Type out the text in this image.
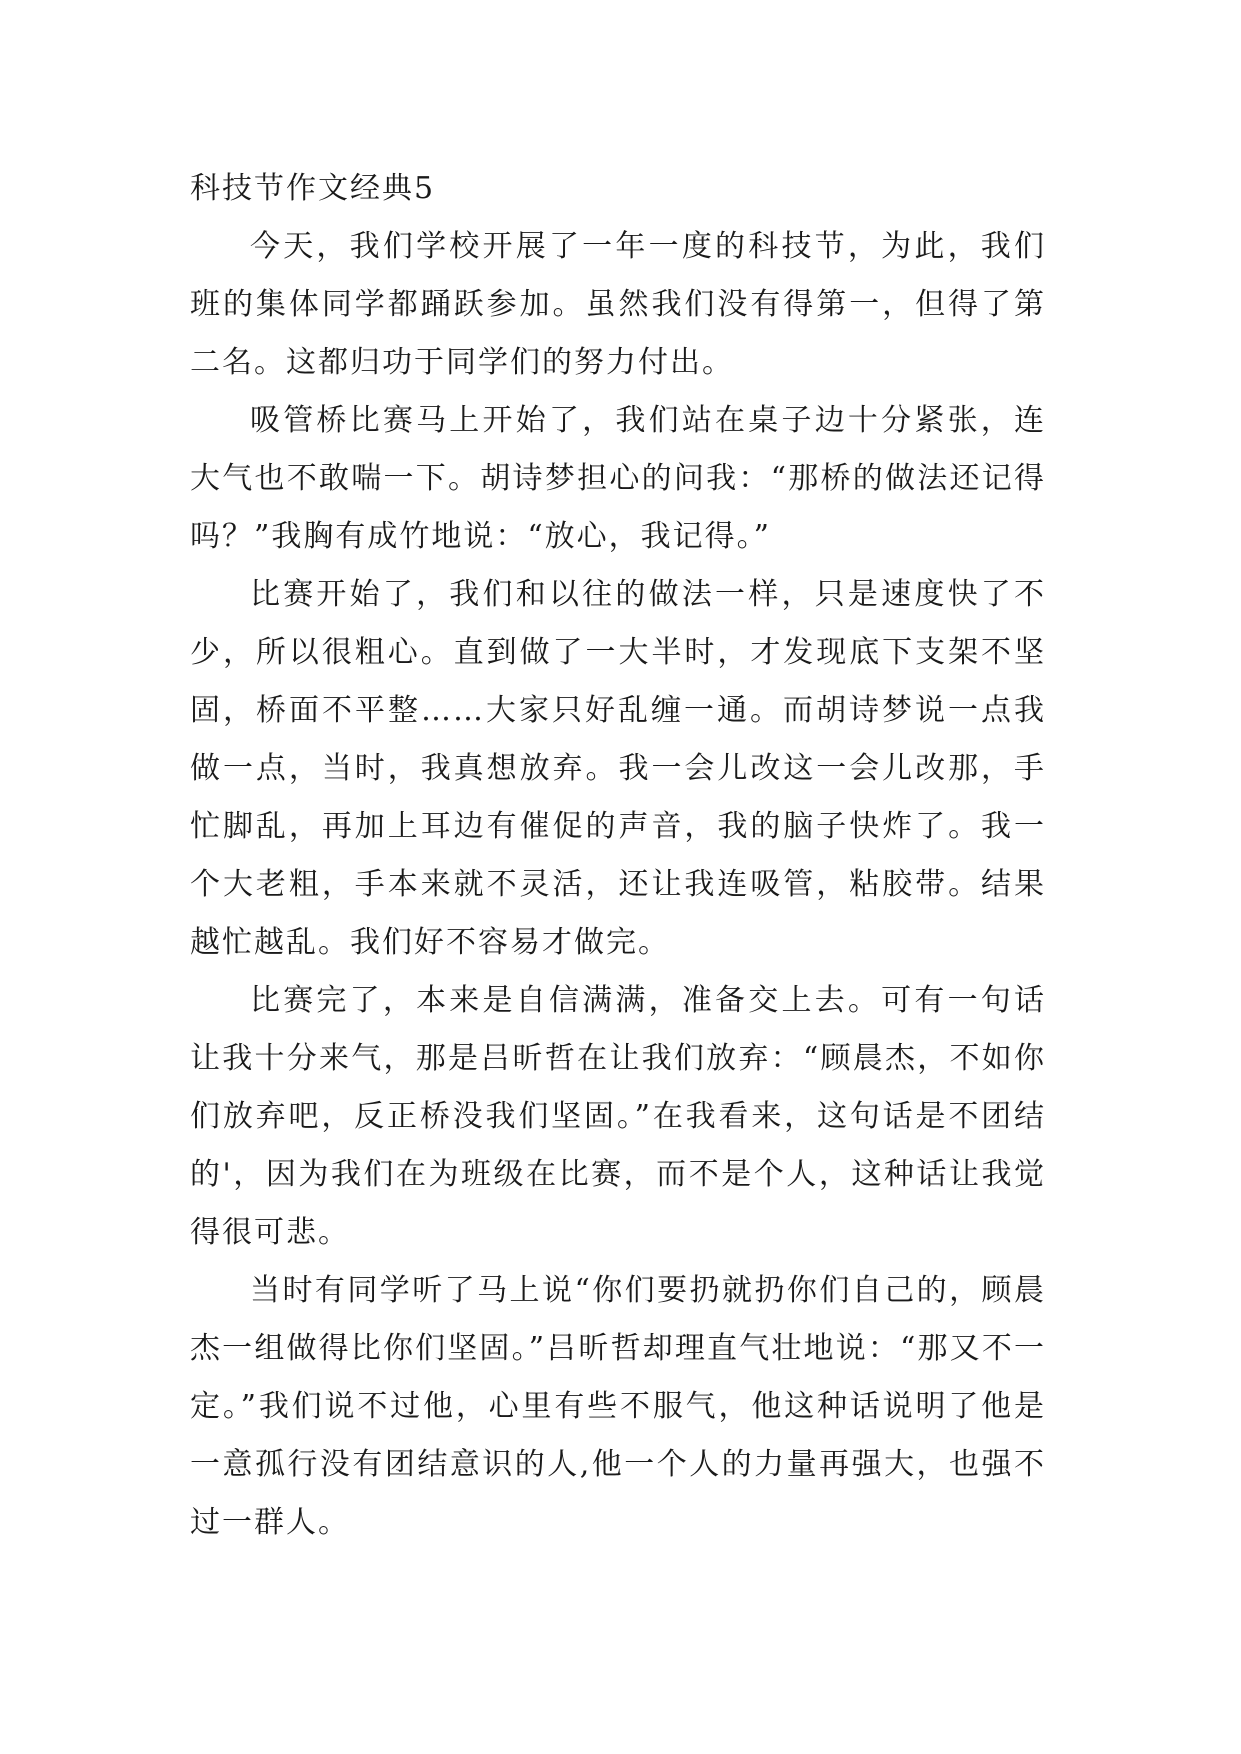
科技节作文经典5

今天，我们学校开展了一年一度的科技节，为此，我们班的集体同学都踊跃参加。虽然我们没有得第一，但得了第二名。这都归功于同学们的努力付出。

吸管桥比赛马上开始了，我们站在桌子边十分紧张，连大气也不敢喘一下。胡诗梦担心的问我：“那桥的做法还记得吗？”我胸有成竹地说：“放心，我记得。”

比赛开始了，我们和以往的做法一样，只是速度快了不少，所以很粗心。直到做了一大半时，才发现底下支架不坚固，桥面不平整……大家只好乱缠一通。而胡诗梦说一点我做一点，当时，我真想放弃。我一会儿改这一会儿改那，手忙脚乱，再加上耳边有催促的声音，我的脑子快炸了。我一个大老粗，手本来就不灵活，还让我连吸管，粘胶带。结果越忙越乱。我们好不容易才做完。

比赛完了，本来是自信满满，准备交上去。可有一句话让我十分来气，那是吕昕哲在让我们放弃：“顾晨杰，不如你们放弃吧，反正桥没我们坚固。”在我看来，这句话是不团结的'，因为我们在为班级在比赛，而不是个人，这种话让我觉得很可悲。

当时有同学听了马上说“你们要扔就扔你们自己的，顾晨杰一组做得比你们坚固。”吕昕哲却理直气壮地说：“那又不一定。”我们说不过他，心里有些不服气，他这种话说明了他是一意孤行没有团结意识的人,他一个人的力量再强大，也强不过一群人。
